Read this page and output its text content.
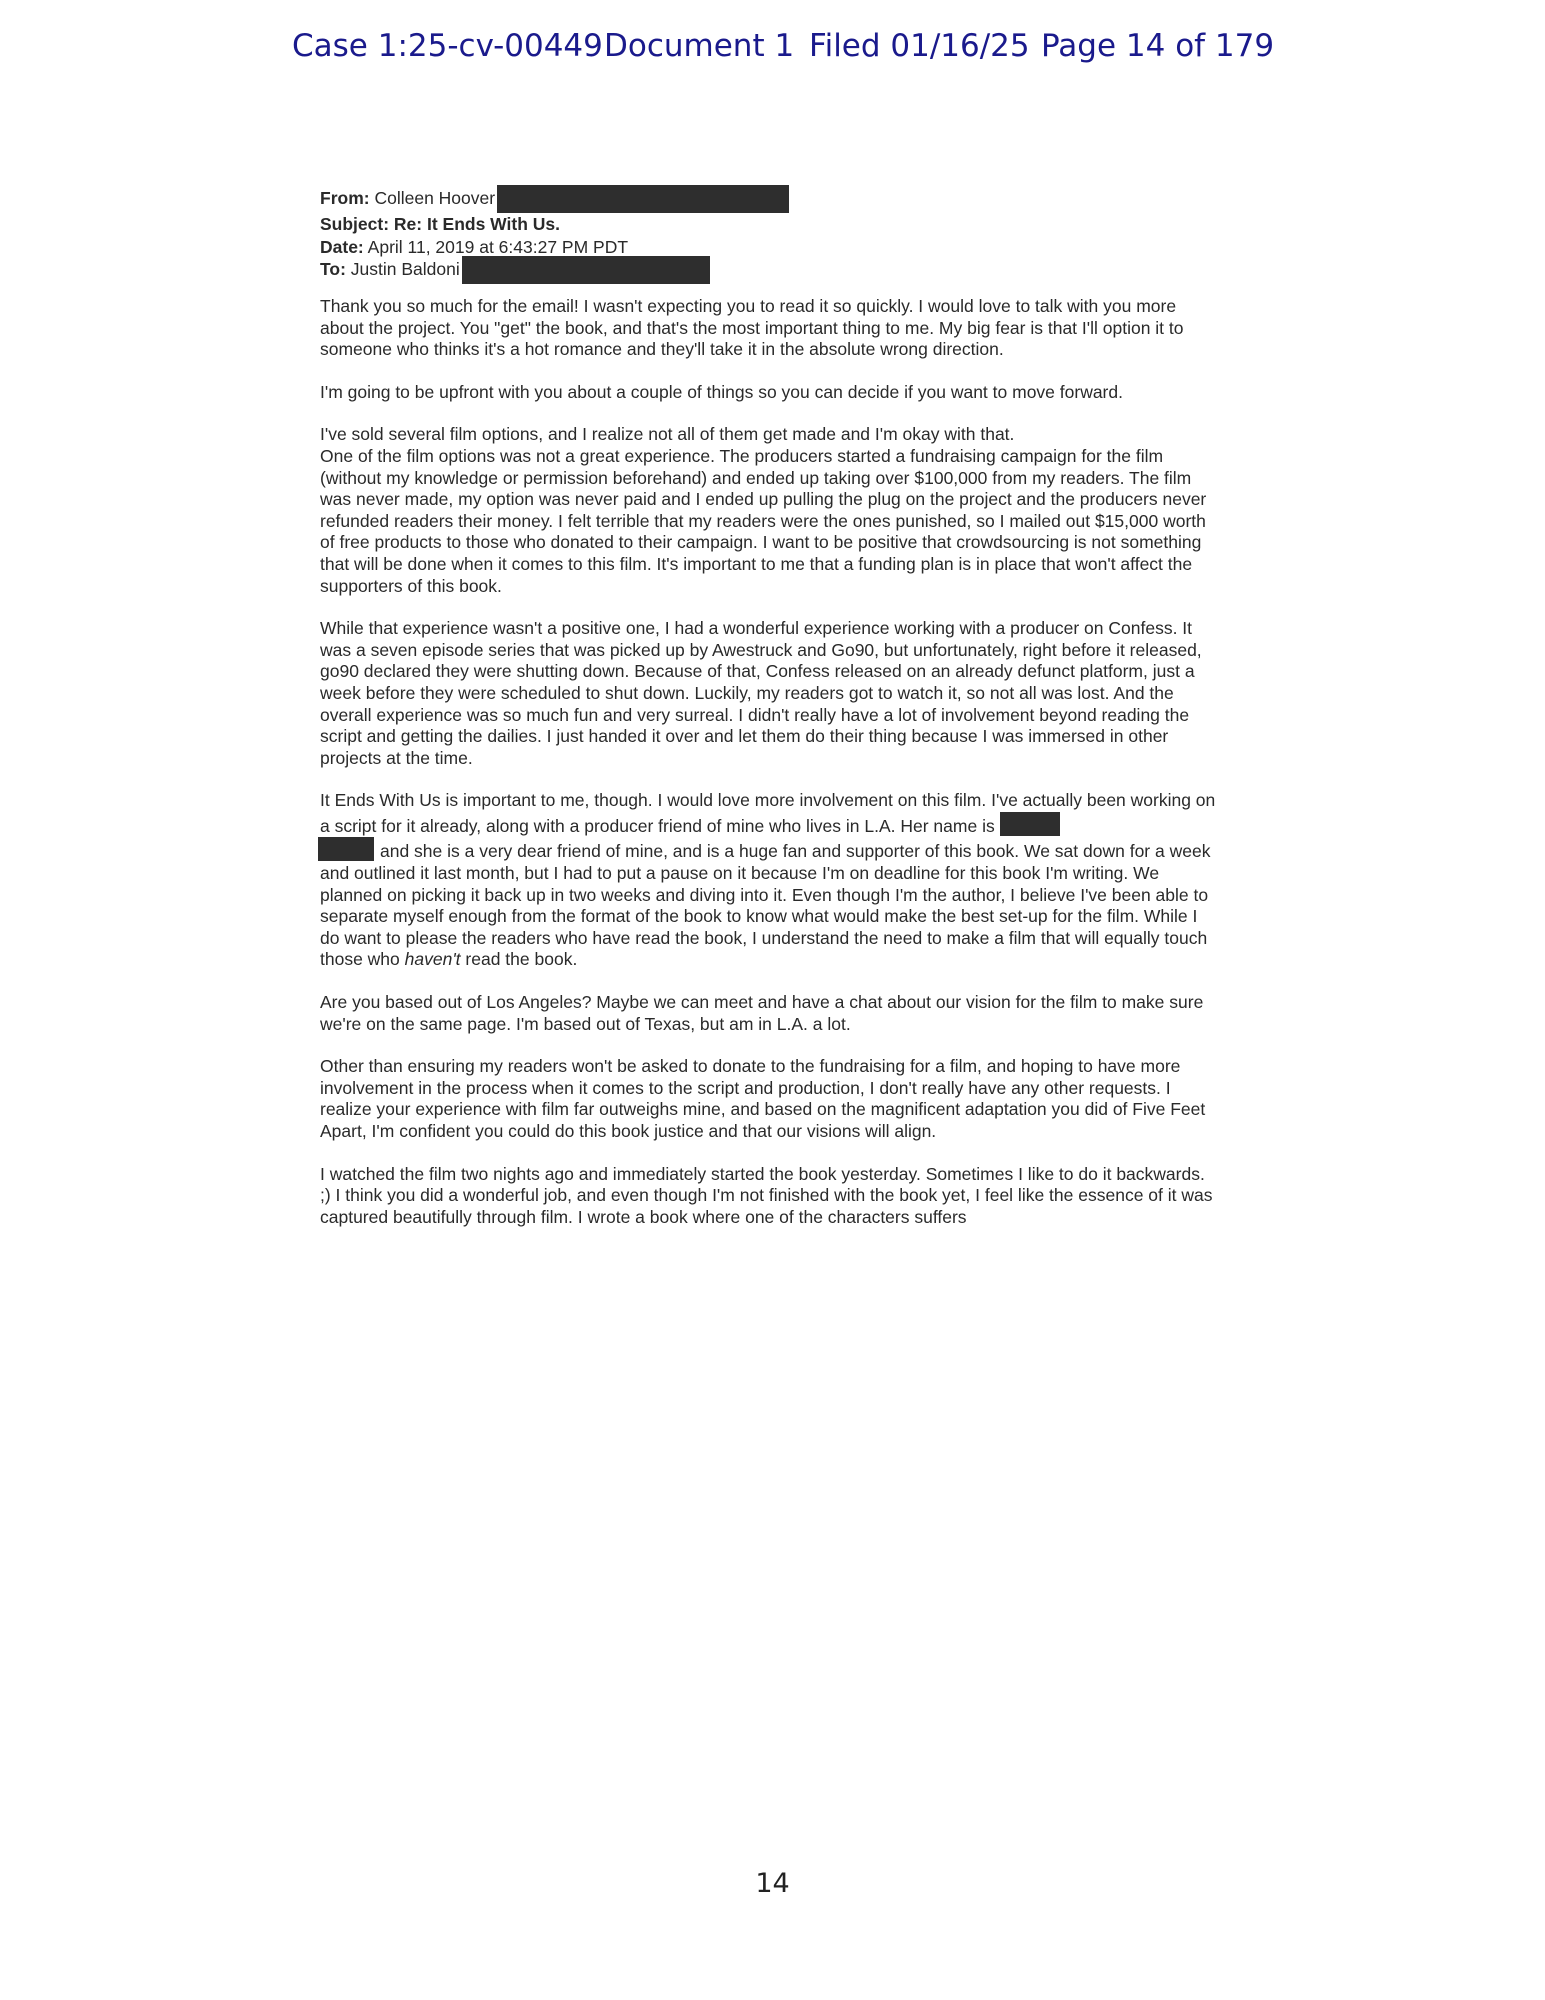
Case 1:25-cv-00449 Document 1 Filed 01/16/25 Page 14 of 179
From: Colleen Hoover
Subject: Re: It Ends With Us.
Date: April 11, 2019 at 6:43:27 PM PDT
To: Justin Baldoni

Thank you so much for the email! I wasn't expecting you to read it so quickly. I would love to talk with you more about the project. You "get" the book, and that's the most important thing to me. My big fear is that I'll option it to someone who thinks it's a hot romance and they'll take it in the absolute wrong direction.

I'm going to be upfront with you about a couple of things so you can decide if you want to move forward.

I've sold several film options, and I realize not all of them get made and I'm okay with that.
One of the film options was not a great experience. The producers started a fundraising campaign for the film (without my knowledge or permission beforehand) and ended up taking over $100,000 from my readers. The film was never made, my option was never paid and I ended up pulling the plug on the project and the producers never refunded readers their money. I felt terrible that my readers were the ones punished, so I mailed out $15,000 worth of free products to those who donated to their campaign. I want to be positive that crowdsourcing is not something that will be done when it comes to this film. It's important to me that a funding plan is in place that won't affect the supporters of this book.

While that experience wasn't a positive one, I had a wonderful experience working with a producer on Confess. It was a seven episode series that was picked up by Awestruck and Go90, but unfortunately, right before it released, go90 declared they were shutting down. Because of that, Confess released on an already defunct platform, just a week before they were scheduled to shut down. Luckily, my readers got to watch it, so not all was lost. And the overall experience was so much fun and very surreal. I didn't really have a lot of involvement beyond reading the script and getting the dailies. I just handed it over and let them do their thing because I was immersed in other projects at the time.

It Ends With Us is important to me, though. I would love more involvement on this film. I've actually been working on a script for it already, along with a producer friend of mine who lives in L.A. Her name is
and she is a very dear friend of mine, and is a huge fan and supporter of this book. We sat down for a week and outlined it last month, but I had to put a pause on it because I'm on deadline for this book I'm writing. We planned on picking it back up in two weeks and diving into it. Even though I'm the author, I believe I've been able to separate myself enough from the format of the book to know what would make the best set-up for the film. While I do want to please the readers who have read the book, I understand the need to make a film that will equally touch those who haven't read the book.

Are you based out of Los Angeles? Maybe we can meet and have a chat about our vision for the film to make sure we're on the same page. I'm based out of Texas, but am in L.A. a lot.

Other than ensuring my readers won't be asked to donate to the fundraising for a film, and hoping to have more involvement in the process when it comes to the script and production, I don't really have any other requests. I realize your experience with film far outweighs mine, and based on the magnificent adaptation you did of Five Feet Apart, I'm confident you could do this book justice and that our visions will align.

I watched the film two nights ago and immediately started the book yesterday. Sometimes I like to do it backwards. ;) I think you did a wonderful job, and even though I'm not finished with the book yet, I feel like the essence of it was captured beautifully through film. I wrote a book where one of the characters suffers

14
